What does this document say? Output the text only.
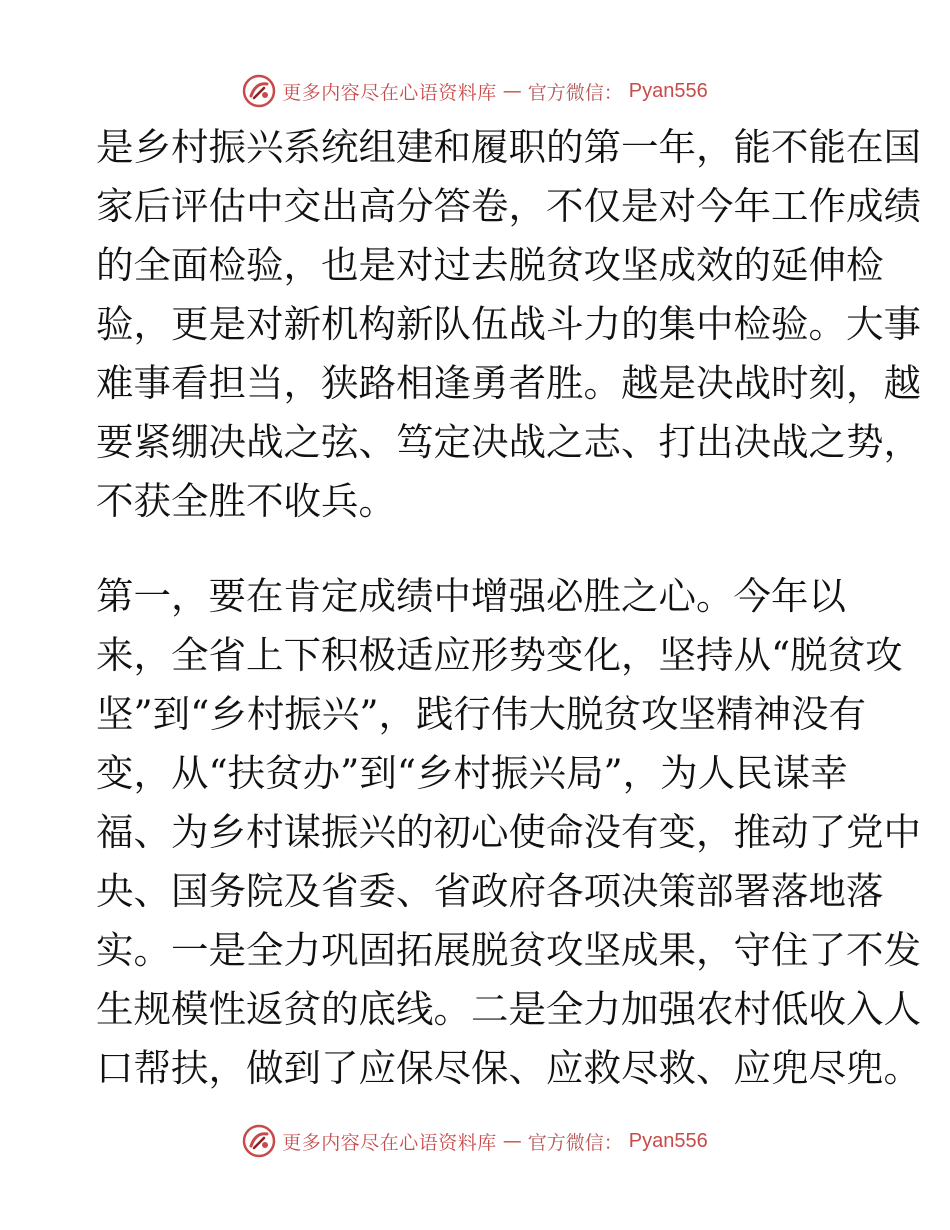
更多内容尽在心语资料库 — 官方微信： Pyan556
是乡村振兴系统组建和履职的第一年，能不能在国
家后评估中交出高分答卷，不仅是对今年工作成绩
的全面检验，也是对过去脱贫攻坚成效的延伸检
验，更是对新机构新队伍战斗力的集中检验。大事
难事看担当，狭路相逢勇者胜。越是决战时刻，越
要紧绷决战之弦、笃定决战之志、打出决战之势，
不获全胜不收兵。
第一，要在肯定成绩中增强必胜之心。今年以
来，全省上下积极适应形势变化，坚持从“脱贫攻
坚”到“乡村振兴”，践行伟大脱贫攻坚精神没有
变，从“扶贫办”到“乡村振兴局”，为人民谋幸
福、为乡村谋振兴的初心使命没有变，推动了党中
央、国务院及省委、省政府各项决策部署落地落
实。一是全力巩固拓展脱贫攻坚成果，守住了不发
生规模性返贫的底线。二是全力加强农村低收入人
口帮扶，做到了应保尽保、应救尽救、应兜尽兜。
更多内容尽在心语资料库 — 官方微信： Pyan556
